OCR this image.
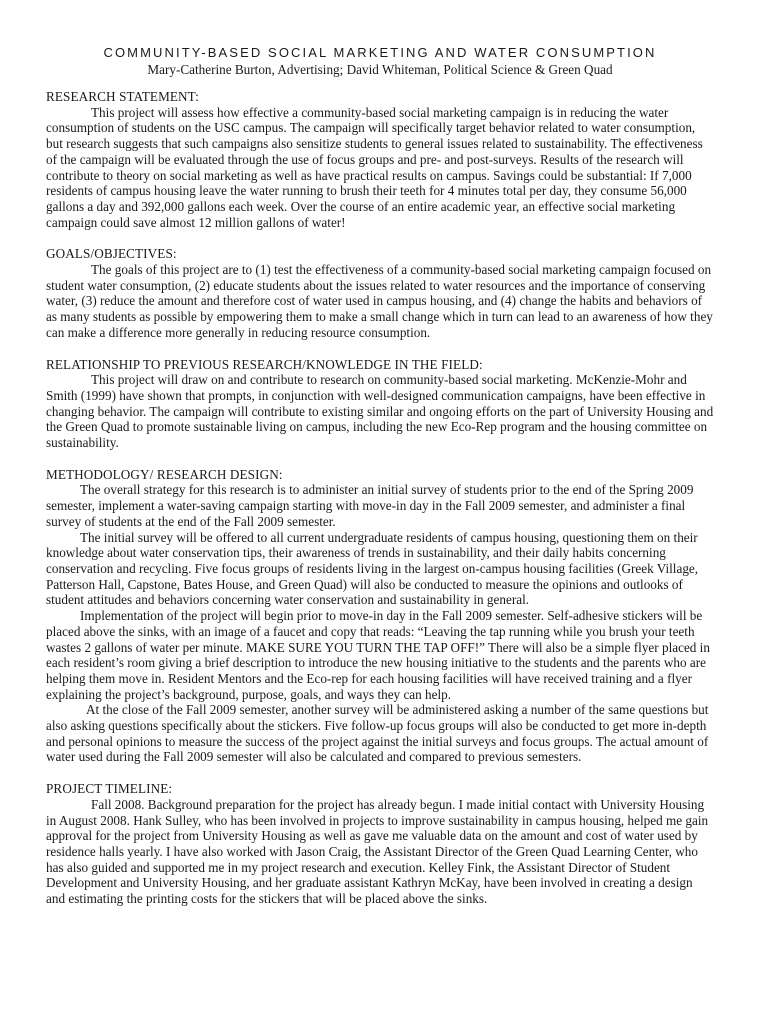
COMMUNITY-BASED SOCIAL MARKETING AND WATER CONSUMPTION

Mary-Catherine Burton, Advertising; David Whiteman, Political Science & Green Quad

RESEARCH STATEMENT:

This project will assess how effective a community-based social marketing campaign is in reducing the water consumption of students on the USC campus. The campaign will specifically target behavior related to water consumption, but research suggests that such campaigns also sensitize students to general issues related to sustainability. The effectiveness of the campaign will be evaluated through the use of focus groups and pre- and post-surveys. Results of the research will contribute to theory on social marketing as well as have practical results on campus. Savings could be substantial: If 7,000 residents of campus housing leave the water running to brush their teeth for 4 minutes total per day, they consume 56,000 gallons a day and 392,000 gallons each week. Over the course of an entire academic year, an effective social marketing campaign could save almost 12 million gallons of water!

GOALS/OBJECTIVES:

The goals of this project are to (1) test the effectiveness of a community-based social marketing campaign focused on student water consumption, (2) educate students about the issues related to water resources and the importance of conserving water, (3) reduce the amount and therefore cost of water used in campus housing, and (4) change the habits and behaviors of as many students as possible by empowering them to make a small change which in turn can lead to an awareness of how they can make a difference more generally in reducing resource consumption.

RELATIONSHIP TO PREVIOUS RESEARCH/KNOWLEDGE IN THE FIELD:

This project will draw on and contribute to research on community-based social marketing. McKenzie-Mohr and Smith (1999) have shown that prompts, in conjunction with well-designed communication campaigns, have been effective in changing behavior. The campaign will contribute to existing similar and ongoing efforts on the part of University Housing and the Green Quad to promote sustainable living on campus, including the new Eco-Rep program and the housing committee on sustainability.

METHODOLOGY/ RESEARCH DESIGN:

The overall strategy for this research is to administer an initial survey of students prior to the end of the Spring 2009 semester, implement a water-saving campaign starting with move-in day in the Fall 2009 semester, and administer a final survey of students at the end of the Fall 2009 semester.

The initial survey will be offered to all current undergraduate residents of campus housing, questioning them on their knowledge about water conservation tips, their awareness of trends in sustainability, and their daily habits concerning conservation and recycling. Five focus groups of residents living in the largest on-campus housing facilities (Greek Village, Patterson Hall, Capstone, Bates House, and Green Quad) will also be conducted to measure the opinions and outlooks of student attitudes and behaviors concerning water conservation and sustainability in general.

Implementation of the project will begin prior to move-in day in the Fall 2009 semester. Self-adhesive stickers will be placed above the sinks, with an image of a faucet and copy that reads: “Leaving the tap running while you brush your teeth wastes 2 gallons of water per minute. MAKE SURE YOU TURN THE TAP OFF!” There will also be a simple flyer placed in each resident’s room giving a brief description to introduce the new housing initiative to the students and the parents who are helping them move in. Resident Mentors and the Eco-rep for each housing facilities will have received training and a flyer explaining the project’s background, purpose, goals, and ways they can help.

At the close of the Fall 2009 semester, another survey will be administered asking a number of the same questions but also asking questions specifically about the stickers. Five follow-up focus groups will also be conducted to get more in-depth and personal opinions to measure the success of the project against the initial surveys and focus groups. The actual amount of water used during the Fall 2009 semester will also be calculated and compared to previous semesters.

PROJECT TIMELINE:

Fall 2008. Background preparation for the project has already begun. I made initial contact with University Housing in August 2008. Hank Sulley, who has been involved in projects to improve sustainability in campus housing, helped me gain approval for the project from University Housing as well as gave me valuable data on the amount and cost of water used by residence halls yearly. I have also worked with Jason Craig, the Assistant Director of the Green Quad Learning Center, who has also guided and supported me in my project research and execution. Kelley Fink, the Assistant Director of Student Development and University Housing, and her graduate assistant Kathryn McKay, have been involved in creating a design and estimating the printing costs for the stickers that will be placed above the sinks.
